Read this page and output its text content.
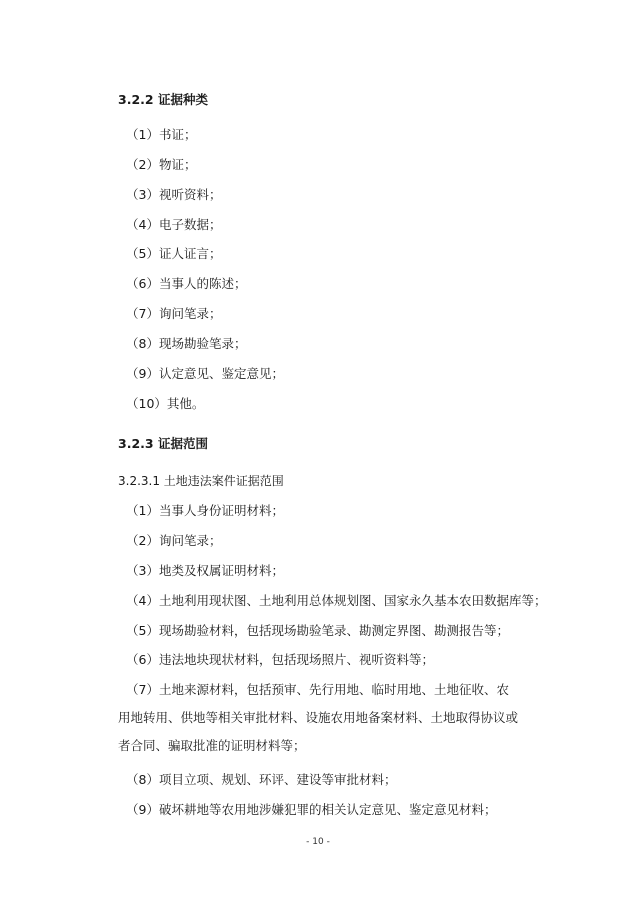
3.2.2 证据种类
（1）书证；
（2）物证；
（3）视听资料；
（4）电子数据；
（5）证人证言；
（6）当事人的陈述；
（7）询问笔录；
（8）现场勘验笔录；
（9）认定意见、鉴定意见；
（10）其他。
3.2.3 证据范围
3.2.3.1 土地违法案件证据范围
（1）当事人身份证明材料；
（2）询问笔录；
（3）地类及权属证明材料；
（4）土地利用现状图、土地利用总体规划图、国家永久基本农田数据库等；
（5）现场勘验材料，包括现场勘验笔录、勘测定界图、勘测报告等；
（6）违法地块现状材料，包括现场照片、视听资料等；
（7）土地来源材料，包括预审、先行用地、临时用地、土地征收、农用地转用、供地等相关审批材料、设施农用地备案材料、土地取得协议或者合同、骗取批准的证明材料等；
（8）项目立项、规划、环评、建设等审批材料；
（9）破坏耕地等农用地涉嫌犯罪的相关认定意见、鉴定意见材料；
- 10 -
